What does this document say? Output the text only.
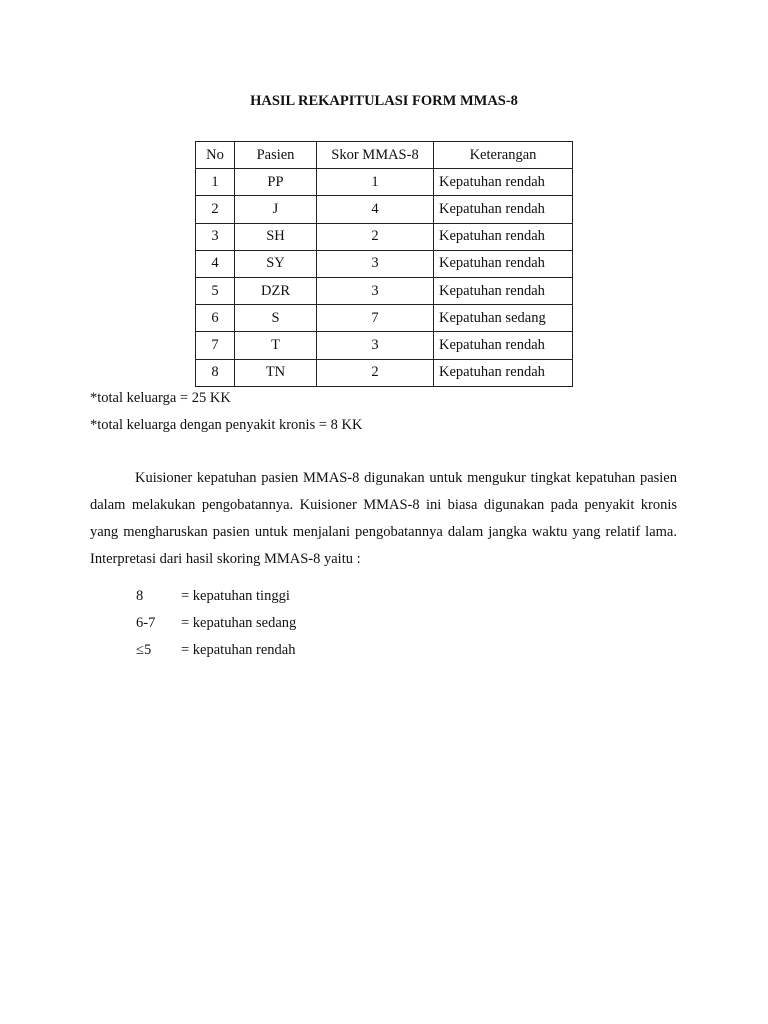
HASIL REKAPITULASI FORM MMAS-8
No	Pasien	Skor MMAS-8	Keterangan
1	PP	1	Kepatuhan rendah
2	J	4	Kepatuhan rendah
3	SH	2	Kepatuhan rendah
4	SY	3	Kepatuhan rendah
5	DZR	3	Kepatuhan rendah
6	S	7	Kepatuhan sedang
7	T	3	Kepatuhan rendah
8	TN	2	Kepatuhan rendah
*total keluarga = 25 KK
*total keluarga dengan penyakit kronis = 8 KK

Kuisioner kepatuhan pasien MMAS-8 digunakan untuk mengukur tingkat kepatuhan pasien dalam melakukan pengobatannya. Kuisioner MMAS-8 ini biasa digunakan pada penyakit kronis yang mengharuskan pasien untuk menjalani pengobatannya dalam jangka waktu yang relatif lama. Interpretasi dari hasil skoring MMAS-8 yaitu :

8	= kepatuhan tinggi
6-7 = kepatuhan sedang
≤5 = kepatuhan rendah
